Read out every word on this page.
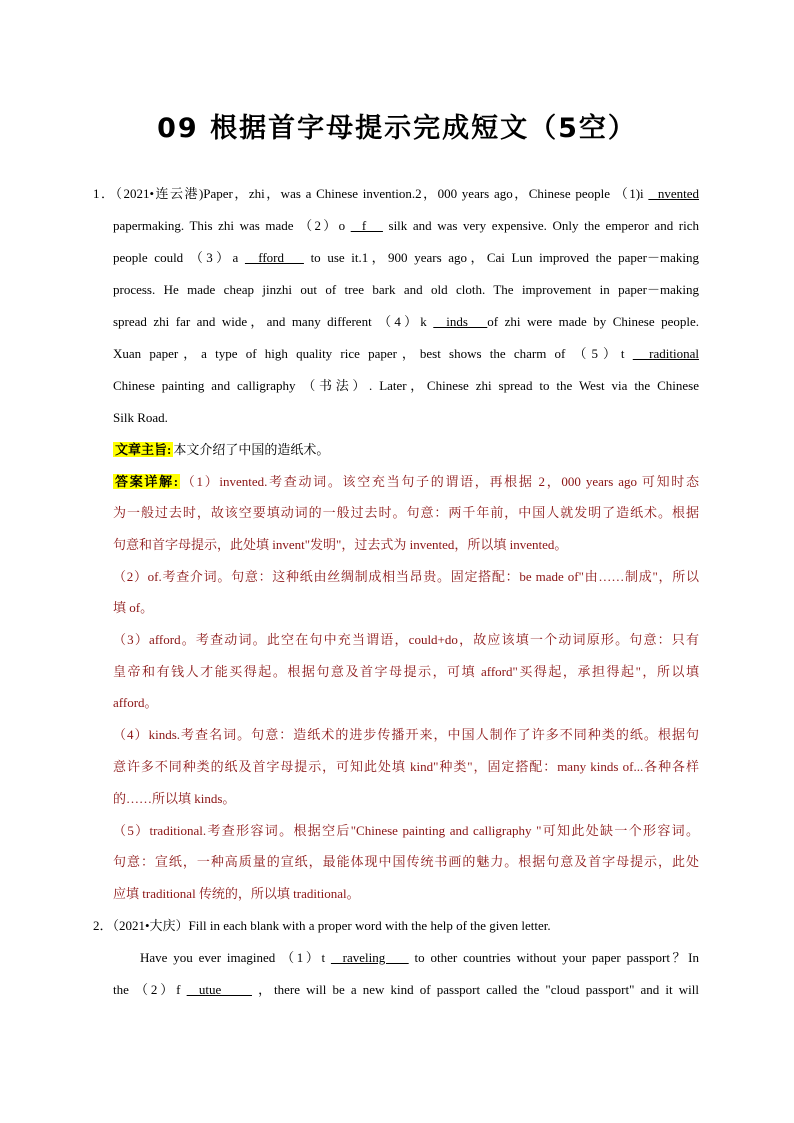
09 根据首字母提示完成短文（5空）
1．（2021•连云港)Paper，zhi，was a Chinese invention.2，000 years ago，Chinese people （1)i   nvented
papermaking. This zhi was made （2）o   f    silk and was very expensive. Only the emperor and rich
people could （3）a   fford    to use it.1，900 years ago，Cai Lun improved the paper－making
process. He made cheap jinzhi out of tree bark and old cloth. The improvement in paper－making
spread zhi far and wide，and many different （4）k   inds   of zhi were made by Chinese people.
Xuan paper，a type of high quality rice paper，best shows the charm of （5）t   raditional
Chinese painting and calligraphy （书法）. Later，Chinese zhi spread to the West via the Chinese
Silk Road.
文章主旨: 本文介绍了中国的造纸术。
答案详解: （1）invented.考查动词。该空充当句子的谓语，再根据 2，000 years ago 可知时态
为一般过去时，故该空要填动词的一般过去时。句意：两千年前，中国人就发明了造纸术。根据
句意和首字母提示，此处填 invent"发明"，过去式为 invented，所以填 invented。
（2）of.考查介词。句意：这种纸由丝绸制成相当昂贵。固定搭配：be made of"由……制成"，所以
填 of。
（3）afford。考查动词。此空在句中充当谓语，could+do，故应该填一个动词原形。句意：只有
皇帝和有钱人才能买得起。根据句意及首字母提示，可填 afford"买得起，承担得起"，所以填
afford。
（4）kinds.考查名词。句意：造纸术的进步传播开来，中国人制作了许多不同种类的纸。根据句
意许多不同种类的纸及首字母提示，可知此处填 kind"种类"，固定搭配：many kinds of...各种各样
的……所以填 kinds。
（5）traditional.考查形容词。根据空后"Chinese painting and calligraphy "可知此处缺一个形容词。
句意：宣纸，一种高质量的宣纸，最能体现中国传统书画的魅力。根据句意及首字母提示，此处
应填 traditional 传统的，所以填 traditional。
2．（2021•大庆）Fill in each blank with a proper word with the help of the given letter.
Have you ever imagined （1）t   raveling     to other countries without your paper passport？In
the （2）f   utue      ，there will be a new kind of passport called the "cloud passport" and it will
